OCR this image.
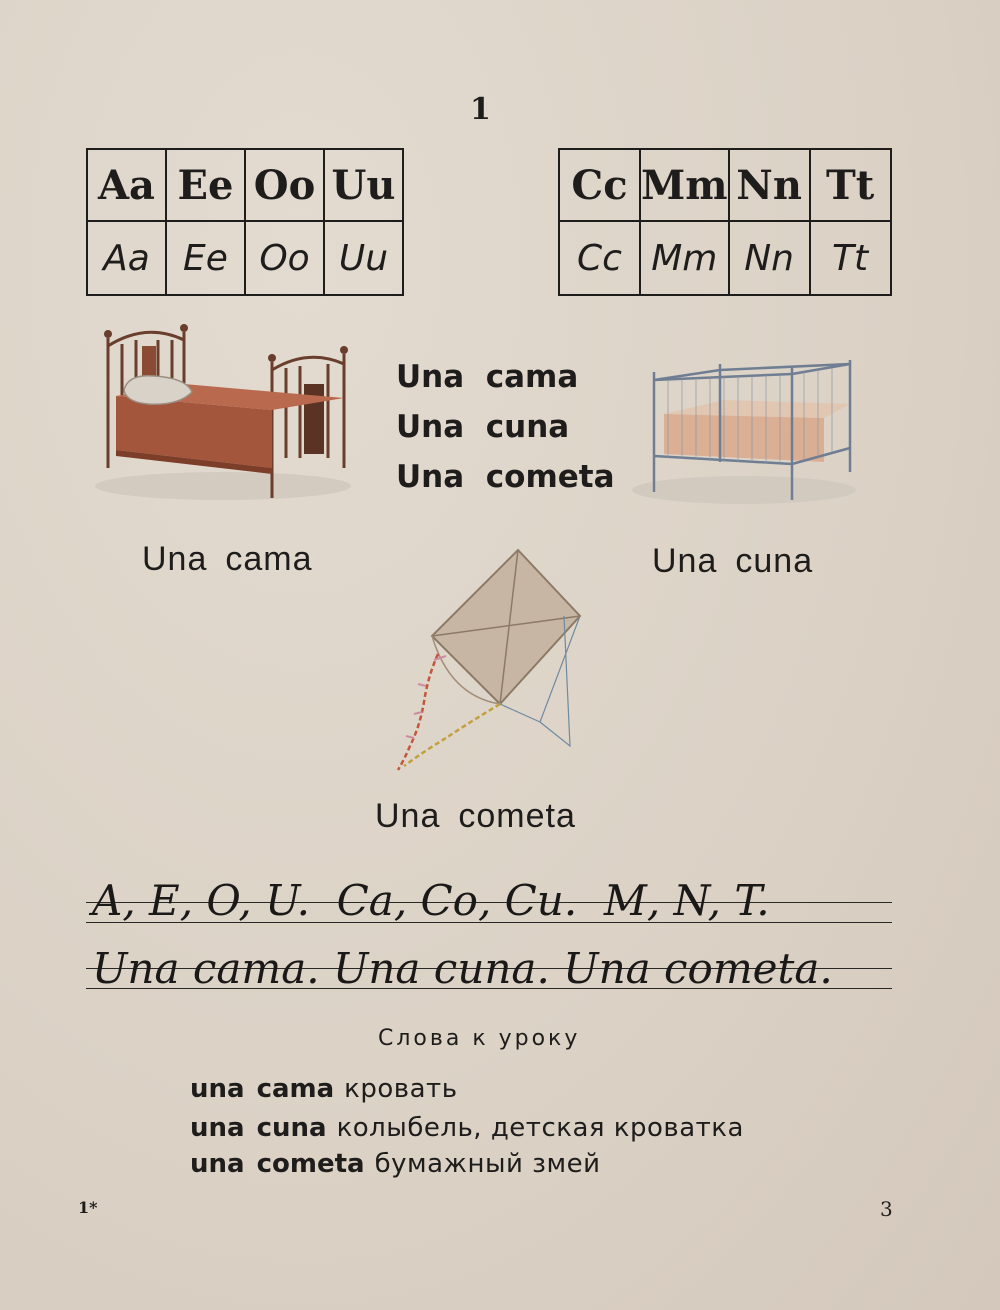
1
Aa	Ee	Oo	Uu
Aa	Ee	Oo	Uu
Cc	Mm	Nn	Tt
Cc	Mm	Nn	Tt
Una cama
Una cuna
Una cometa
Una cama	Una cuna
Una cometa
A, E, O, U.  Ca, Co, Cu.  M, N, T.
Una cama. Una cuna. Una cometa.
Слова к уроку
una cama кровать
una cuna колыбель, детская кроватка
una cometa бумажный змей
1*	3
